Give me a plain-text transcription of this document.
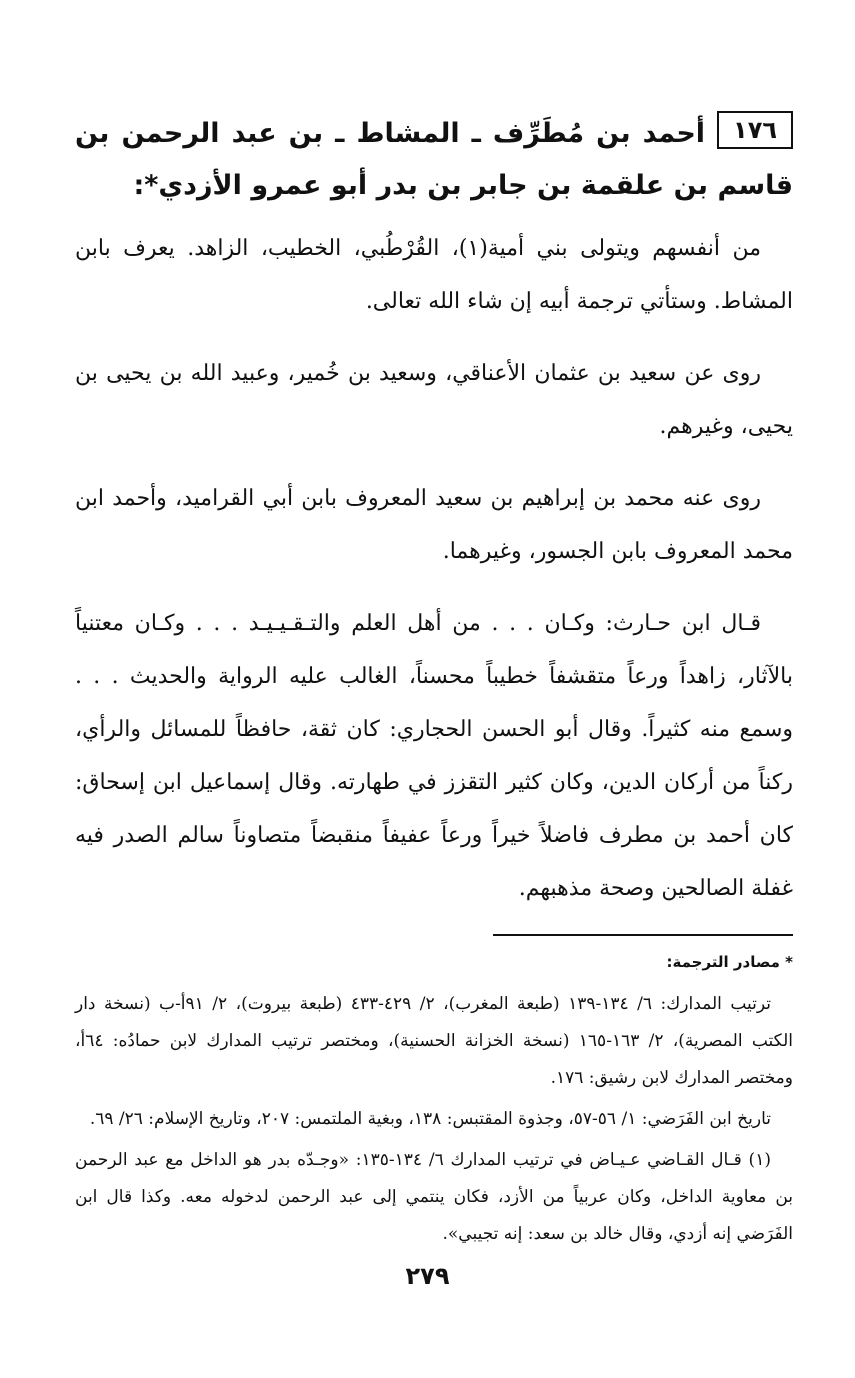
١٧٦أحمد بن مُطَرِّف ـ المشاط ـ بن عبد الرحمن بن قاسم بن علقمة بن جابر بن بدر أبو عمرو الأزدي*:

من أنفسهم ويتولى بني أمية(١)، القُرْطُبي، الخطيب، الزاهد. يعرف بابن المشاط. وستأتي ترجمة أبيه إن شاء الله تعالى.

روى عن سعيد بن عثمان الأعناقي، وسعيد بن خُمير، وعبيد الله بن يحيى بن يحيى، وغيرهم.

روى عنه محمد بن إبراهيم بن سعيد المعروف بابن أبي القراميد، وأحمد ابن محمد المعروف بابن الجسور، وغيرهما.

قـال ابن حـارث: وكـان . . . من أهل العلم والتـقـيـيـد . . . وكـان معتنياً بالآثار، زاهداً ورعاً متقشفاً خطيباً محسناً، الغالب عليه الرواية والحديث . . . وسمع منه كثيراً. وقال أبو الحسن الحجاري: كان ثقة، حافظاً للمسائل والرأي، ركناً من أركان الدين، وكان كثير التقزز في طهارته. وقال إسماعيل ابن إسحاق: كان أحمد بن مطرف فاضلاً خيراً ورعاً عفيفاً منقبضاً متصاوناً سالم الصدر فيه غفلة الصالحين وصحة مذهبهم.

* مصادر الترجمة:

ترتيب المدارك: ٦/ ١٣٤-١٣٩ (طبعة المغرب)، ٢/ ٤٢٩-٤٣٣ (طبعة بيروت)، ٢/ ٩١أ-ب (نسخة دار الكتب المصرية)، ٢/ ١٦٣-١٦٥ (نسخة الخزانة الحسنية)، ومختصر ترتيب المدارك لابن حمادُه: ٦٤أ، ومختصر المدارك لابن رشيق: ١٧٦.

تاريخ ابن الفَرَضي: ١/ ٥٦-٥٧، وجذوة المقتبس: ١٣٨، وبغية الملتمس: ٢٠٧، وتاريخ الإسلام: ٢٦/ ٦٩.

(١) قـال القـاضي عـيـاض في ترتيب المدارك ٦/ ١٣٤-١٣٥: «وجـدّه بدر هو الداخل مع عبد الرحمن بن معاوية الداخل، وكان عربياً من الأزد، فكان ينتمي إلى عبد الرحمن لدخوله معه. وكذا قال ابن الفَرَضي إنه أزدي، وقال خالد بن سعد: إنه تجيبي».

٢٧٩
